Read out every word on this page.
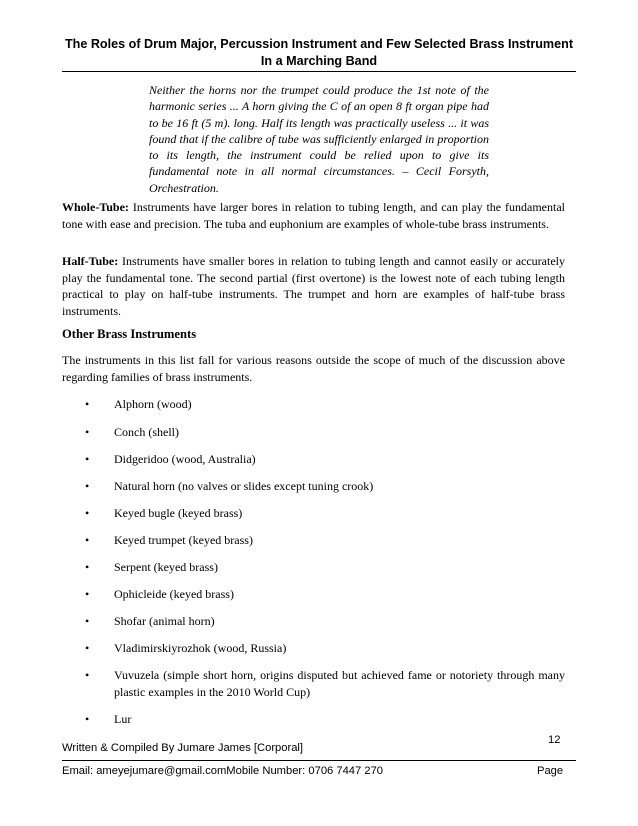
The Roles of Drum Major, Percussion Instrument and Few Selected Brass Instrument
In a Marching Band

Neither the horns nor the trumpet could produce the 1st note of the harmonic series ... A horn giving the C of an open 8 ft organ pipe had to be 16 ft (5 m). long. Half its length was practically useless ... it was found that if the calibre of tube was sufficiently enlarged in proportion to its length, the instrument could be relied upon to give its fundamental note in all normal circumstances. – Cecil Forsyth, Orchestration.

Whole-Tube: Instruments have larger bores in relation to tubing length, and can play the fundamental tone with ease and precision. The tuba and euphonium are examples of whole-tube brass instruments.

Half-Tube: Instruments have smaller bores in relation to tubing length and cannot easily or accurately play the fundamental tone. The second partial (first overtone) is the lowest note of each tubing length practical to play on half-tube instruments. The trumpet and horn are examples of half-tube brass instruments.

Other Brass Instruments

The instruments in this list fall for various reasons outside the scope of much of the discussion above regarding families of brass instruments.

•	Alphorn (wood)
•	Conch (shell)
•	Didgeridoo (wood, Australia)
•	Natural horn (no valves or slides except tuning crook)
•	Keyed bugle (keyed brass)
•	Keyed trumpet (keyed brass)
•	Serpent (keyed brass)
•	Ophicleide (keyed brass)
•	Shofar (animal horn)
•	Vladimirskiyrozhok (wood, Russia)
•	Vuvuzela (simple short horn, origins disputed but achieved fame or notoriety through many plastic examples in the 2010 World Cup)
•	Lur
Written & Compiled By Jumare James [Corporal]
12
Email: ameyejumare@gmail.comMobile Number: 0706 7447 270	Page
